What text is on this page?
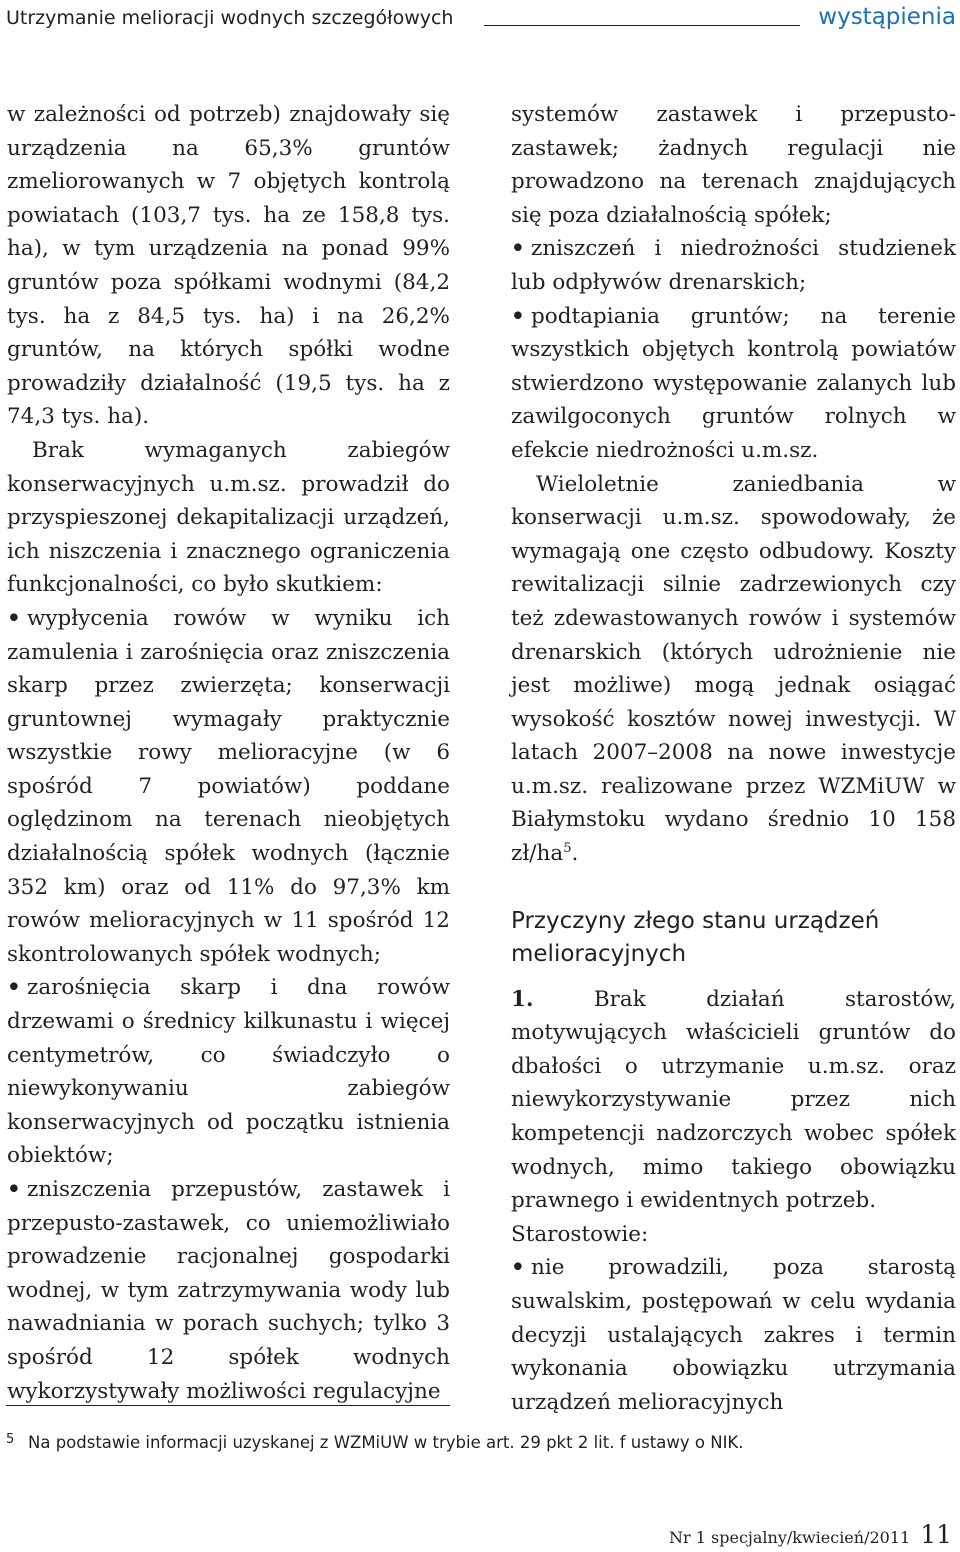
Utrzymanie melioracji wodnych szczegółowych	wystąpienia

w zależności od potrzeb) znajdowały się urządzenia na 65,3% gruntów zmeliorowanych w 7 objętych kontrolą powiatach (103,7 tys. ha ze 158,8 tys. ha), w tym urządzenia na ponad 99% gruntów poza spółkami wodnymi (84,2 tys. ha z 84,5 tys. ha) i na 26,2% gruntów, na których spółki wodne prowadziły działalność (19,5 tys. ha z 74,3 tys. ha).

Brak wymaganych zabiegów konserwacyjnych u.m.sz. prowadził do przyspieszonej dekapitalizacji urządzeń, ich niszczenia i znacznego ograniczenia funkcjonalności, co było skutkiem:

• wypłycenia rowów w wyniku ich zamulenia i zarośnięcia oraz zniszczenia skarp przez zwierzęta; konserwacji gruntownej wymagały praktycznie wszystkie rowy melioracyjne (w 6 spośród 7 powiatów) poddane oględzinom na terenach nieobjętych działalnością spółek wodnych (łącznie 352 km) oraz od 11% do 97,3% km rowów melioracyjnych w 11 spośród 12 skontrolowanych spółek wodnych;

• zarośnięcia skarp i dna rowów drzewami o średnicy kilkunastu i więcej centymetrów, co świadczyło o niewykonywaniu zabiegów konserwacyjnych od początku istnienia obiektów;

• zniszczenia przepustów, zastawek i przepusto-zastawek, co uniemożliwiało prowadzenie racjonalnej gospodarki wodnej, w tym zatrzymywania wody lub nawadniania w porach suchych; tylko 3 spośród 12 spółek wodnych wykorzystywały możliwości regulacyjne

systemów zastawek i przepusto-zastawek; żadnych regulacji nie prowadzono na terenach znajdujących się poza działalnością spółek;

• zniszczeń i niedrożności studzienek lub odpływów drenarskich;

• podtapiania gruntów; na terenie wszystkich objętych kontrolą powiatów stwierdzono występowanie zalanych lub zawilgoconych gruntów rolnych w efekcie niedrożności u.m.sz.

Wieloletnie zaniedbania w konserwacji u.m.sz. spowodowały, że wymagają one często odbudowy. Koszty rewitalizacji silnie zadrzewionych czy też zdewastowanych rowów i systemów drenarskich (których udrożnienie nie jest możliwe) mogą jednak osiągać wysokość kosztów nowej inwestycji. W latach 2007–2008 na nowe inwestycje u.m.sz. realizowane przez WZMiUW w Białymstoku wydano średnio 10 158 $zł/ha^5$.

Przyczyny złego stanu urządzeń melioracyjnych

1.	Brak działań starostów, motywujących właścicieli gruntów do dbałości o utrzymanie u.m.sz. oraz niewykorzystywanie przez nich kompetencji nadzorczych wobec spółek wodnych, mimo takiego obowiązku prawnego i ewidentnych potrzeb.

Starostowie:

• nie prowadzili, poza starostą suwalskim, postępowań w celu wydania decyzji ustalających zakres i termin wykonania obowiązku utrzymania urządzeń melioracyjnych

5 Na podstawie informacji uzyskanej z WZMiUW w trybie art. 29 pkt 2 lit. f ustawy o NIK.
Nr 1 specjalny/kwiecień/2011 11
